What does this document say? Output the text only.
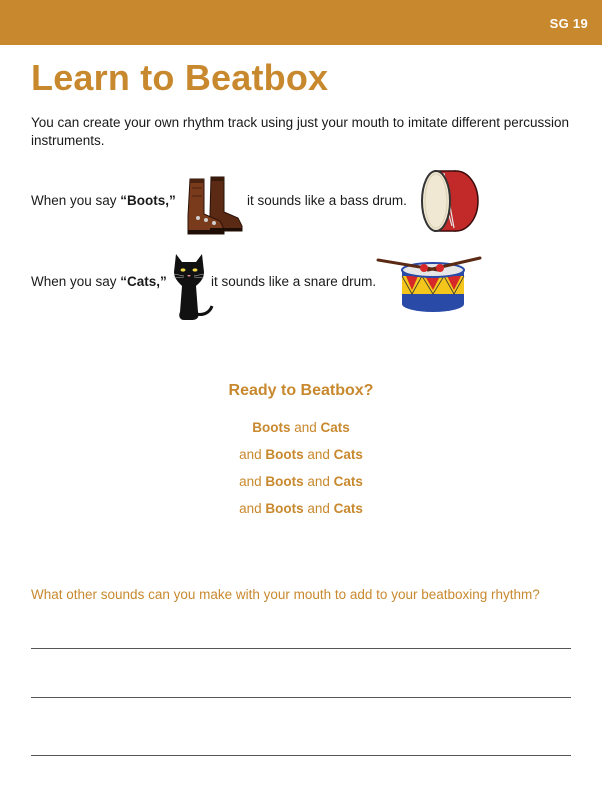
SG 19
Learn to Beatbox

You can create your own rhythm track using just your mouth to imitate different percussion instruments.

When you say “Boots,”	it sounds like a bass drum.
When you say “Cats,”	it sounds like a snare drum.

Ready to Beatbox?

Boots and Cats
and Boots and Cats
and Boots and Cats
and Boots and Cats

What other sounds can you make with your mouth to add to your beatboxing rhythm?
